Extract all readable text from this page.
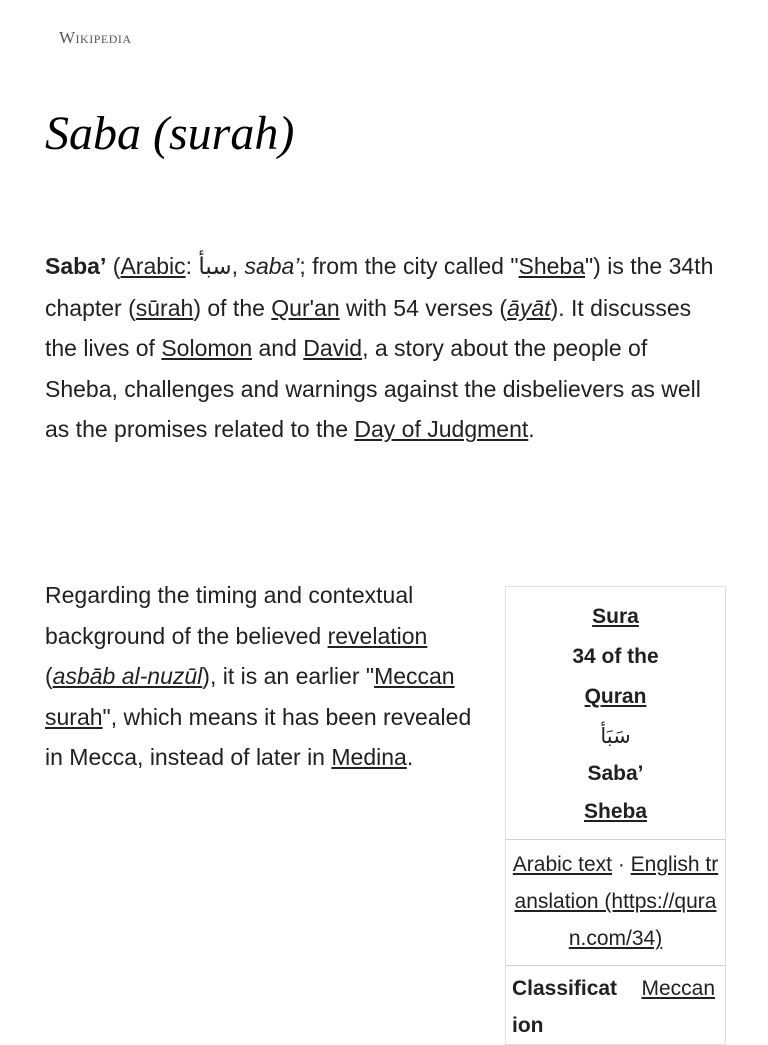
Wikipedia
Saba (surah)

Saba’ (Arabic: سبأ, saba’; from the city called "Sheba") is the 34th chapter (sūrah) of the Qur'an with 54 verses (āyāt). It discusses the lives of Solomon and David, a story about the people of Sheba, challenges and warnings against the disbelievers as well as the promises related to the Day of Judgment.

Regarding the timing and contextual background of the believed revelation (asbāb al-nuzūl), it is an earlier "Meccan surah", which means it has been revealed in Mecca, instead of later in Medina.

Sura
34 of the
Quran
سَبَأ
Saba’
Sheba
Arabic text · English translation (https://quran.com/34)
Classification
Meccan
